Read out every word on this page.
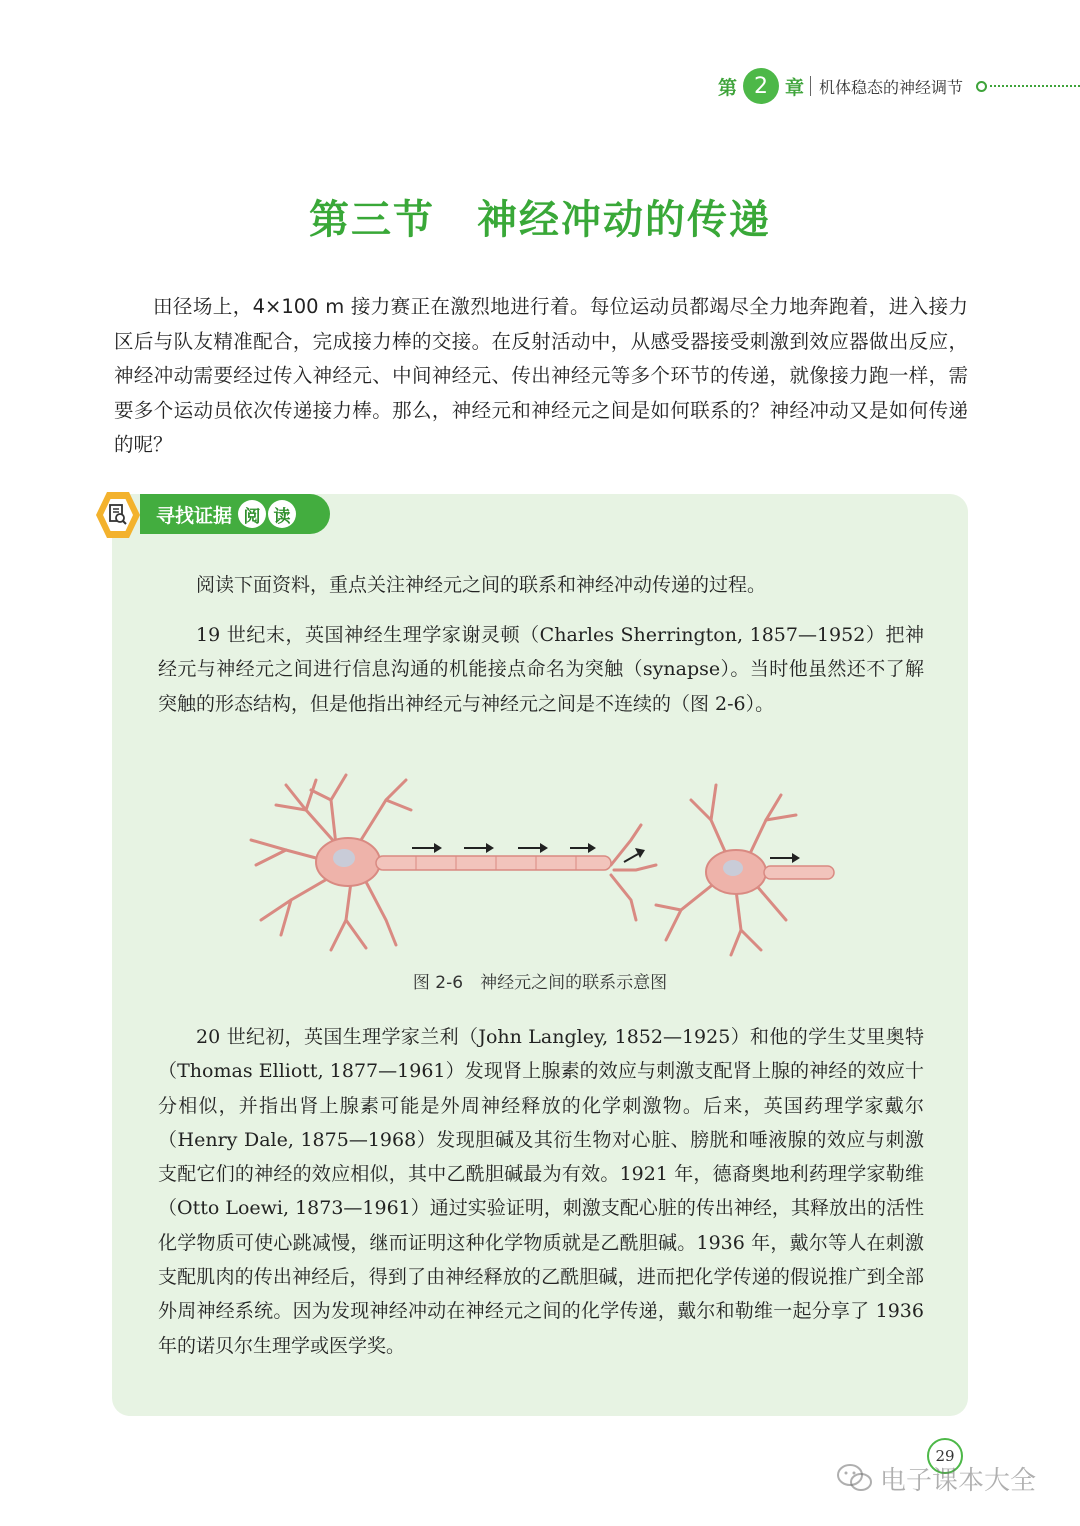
第 2 章 机体稳态的神经调节
第三节　神经冲动的传递

田径场上，4×100 m 接力赛正在激烈地进行着。每位运动员都竭尽全力地奔跑着，进入接力区后与队友精准配合，完成接力棒的交接。在反射活动中，从感受器接受刺激到效应器做出反应，神经冲动需要经过传入神经元、中间神经元、传出神经元等多个环节的传递，就像接力跑一样，需要多个运动员依次传递接力棒。那么，神经元和神经元之间是如何联系的？神经冲动又是如何传递的呢？

寻找证据 阅 读

阅读下面资料，重点关注神经元之间的联系和神经冲动传递的过程。

19 世纪末，英国神经生理学家谢灵顿（Charles Sherrington, 1857—1952）把神经元与神经元之间进行信息沟通的机能接点命名为突触（synapse）。当时他虽然还不了解突触的形态结构，但是他指出神经元与神经元之间是不连续的（图 2-6）。

图 2-6　神经元之间的联系示意图

20 世纪初，英国生理学家兰利（John Langley, 1852—1925）和他的学生艾里奥特（Thomas Elliott, 1877—1961）发现肾上腺素的效应与刺激支配肾上腺的神经的效应十分相似，并指出肾上腺素可能是外周神经释放的化学刺激物。后来，英国药理学家戴尔（Henry Dale, 1875—1968）发现胆碱及其衍生物对心脏、膀胱和唾液腺的效应与刺激支配它们的神经的效应相似，其中乙酰胆碱最为有效。1921 年，德裔奥地利药理学家勒维（Otto Loewi, 1873—1961）通过实验证明，刺激支配心脏的传出神经，其释放出的活性化学物质可使心跳减慢，继而证明这种化学物质就是乙酰胆碱。1936 年，戴尔等人在刺激支配肌肉的传出神经后，得到了由神经释放的乙酰胆碱，进而把化学传递的假说推广到全部外周神经系统。因为发现神经冲动在神经元之间的化学传递，戴尔和勒维一起分享了 1936 年的诺贝尔生理学或医学奖。

29
电子课本大全
